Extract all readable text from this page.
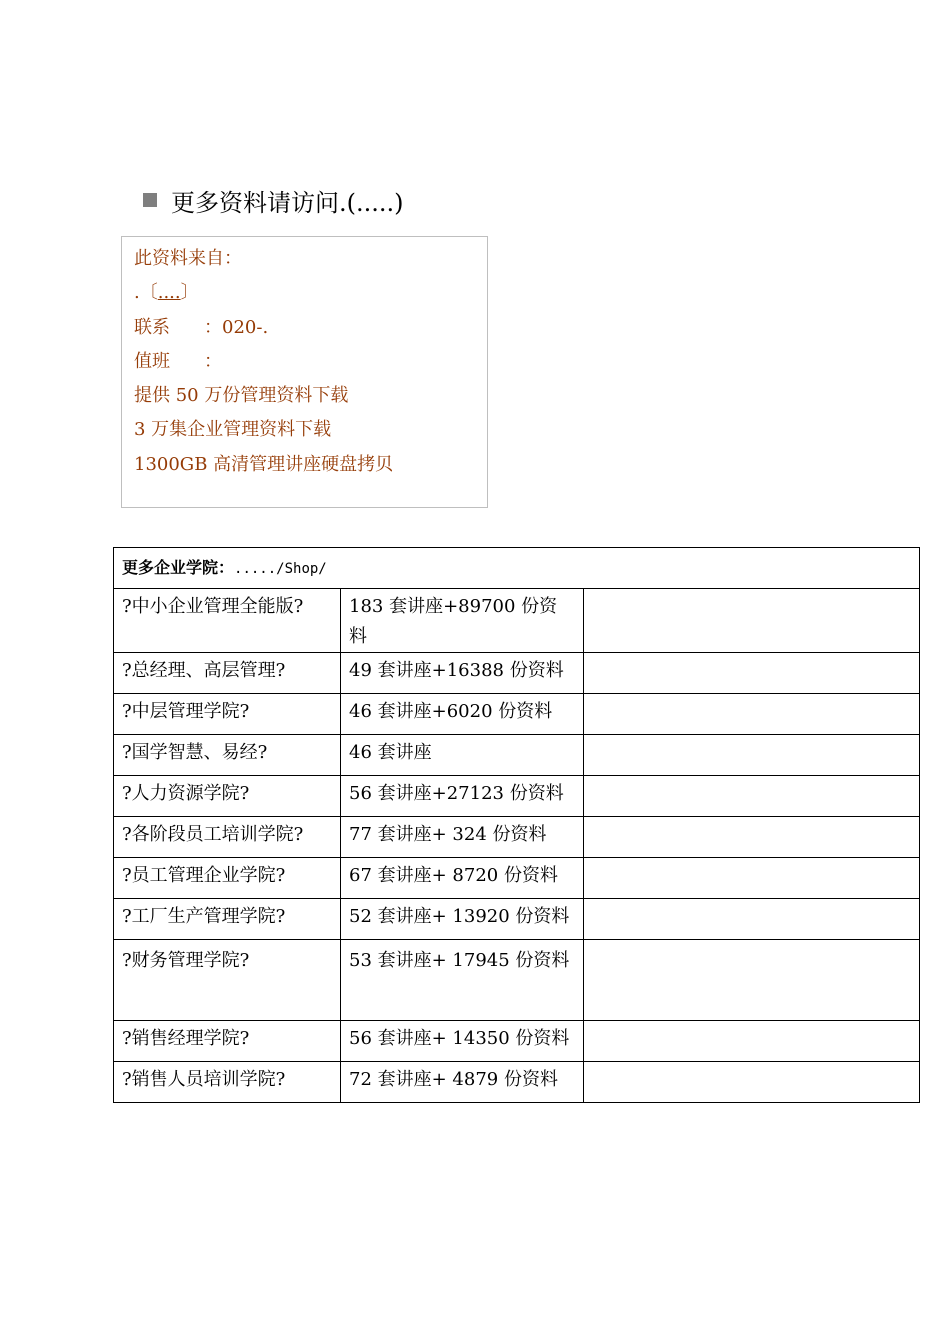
更多资料请访问.(.....)
此资料来自：
.〔....〕
联系 ：020-.
值班 ：
提供 50 万份管理资料下载
3 万集企业管理资料下载
1300GB 高清管理讲座硬盘拷贝
更多企业学院：...../Shop/		
?中小企业管理全能版?	183 套讲座+89700 份资料	
?总经理、高层管理?	49 套讲座+16388 份资料	
?中层管理学院?	46 套讲座+6020 份资料	
?国学智慧、易经?	46 套讲座	
?人力资源学院?	56 套讲座+27123 份资料	
?各阶段员工培训学院?	77 套讲座+ 324 份资料	
?员工管理企业学院?	67 套讲座+ 8720 份资料	
?工厂生产管理学院?	52 套讲座+ 13920 份资料	
?财务管理学院?	53 套讲座+ 17945 份资料	
?销售经理学院?	56 套讲座+ 14350 份资料	
?销售人员培训学院?	72 套讲座+ 4879 份资料	
